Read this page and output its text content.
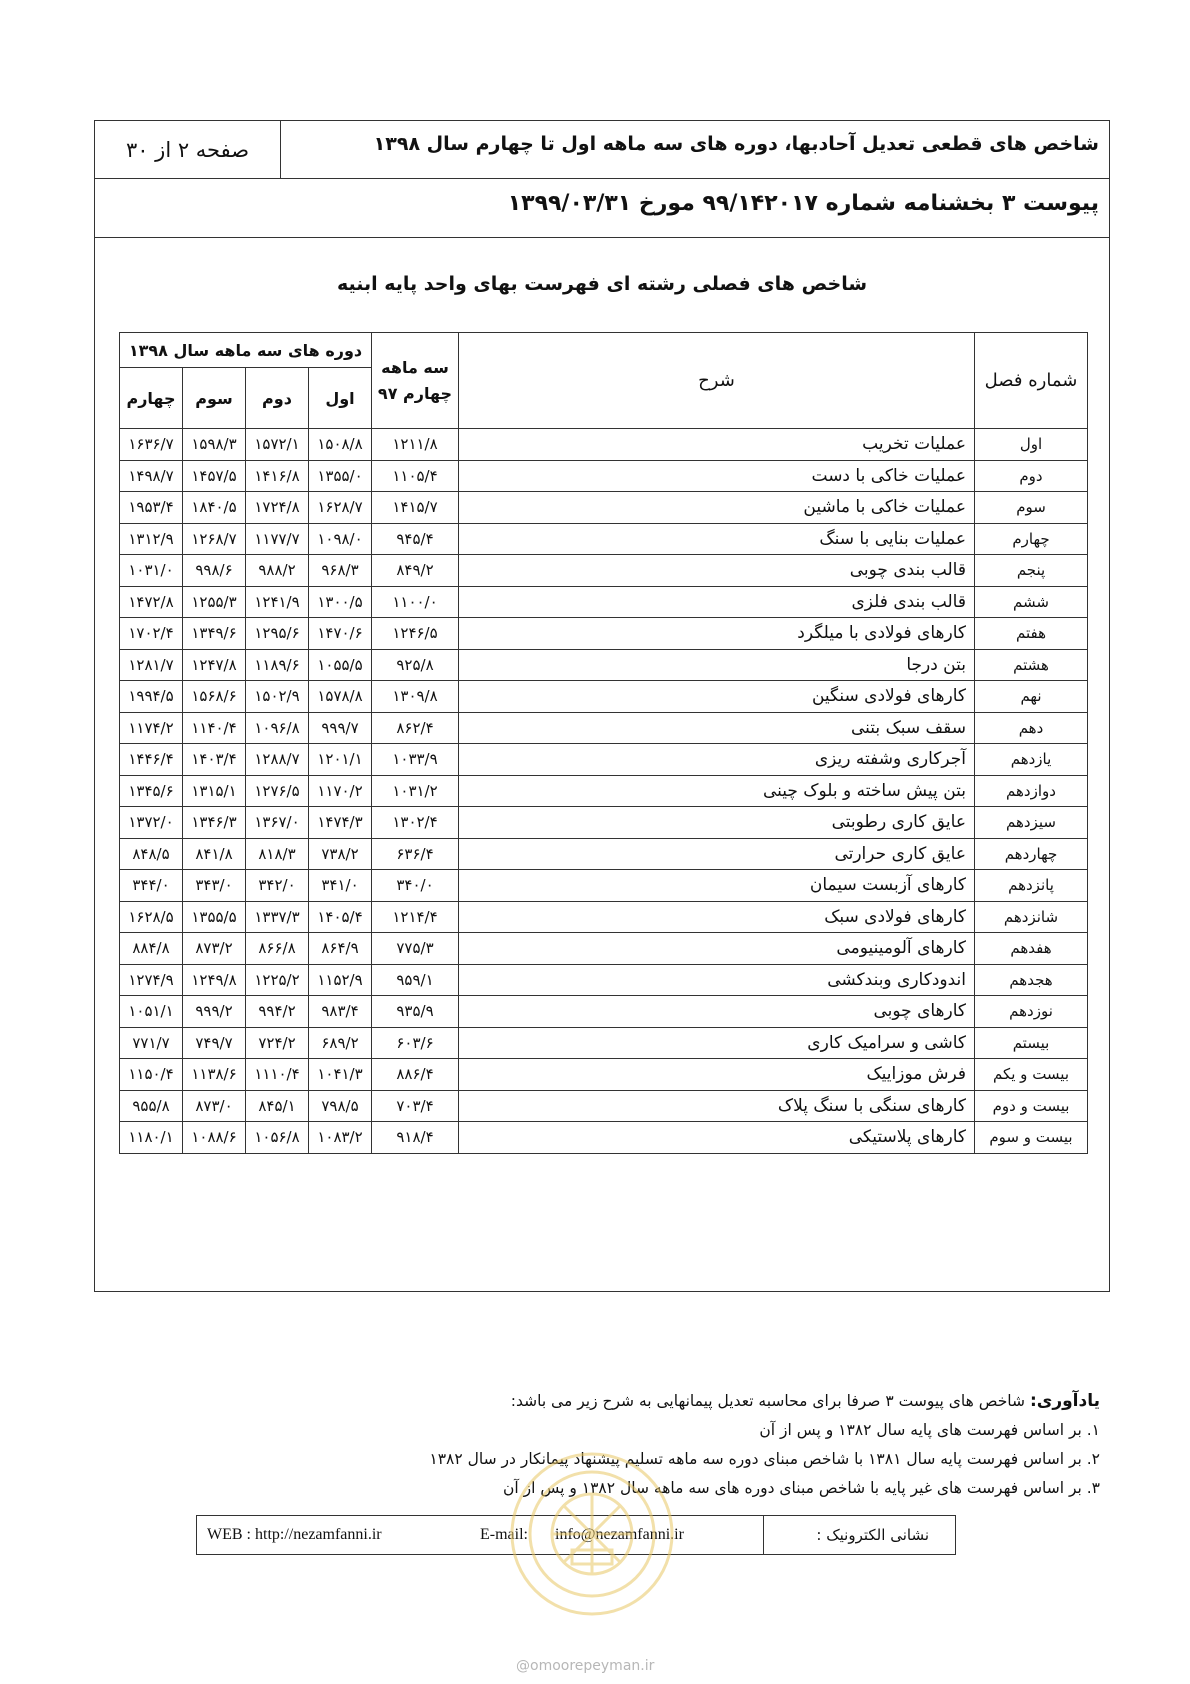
شاخص های قطعی تعدیل آحادبها، دوره های سه ماهه اول تا چهارم سال ۱۳۹۸
صفحه ۲ از ۳۰
پیوست ۳ بخشنامه شماره ۹۹/۱۴۲۰۱۷ مورخ ۱۳۹۹/۰۳/۳۱
شاخص های فصلی رشته ای فهرست بهای واحد پایه ابنیه
شماره فصل	شرح	سه ماهه چهارم ۹۷	دوره های سه ماهه سال ۱۳۹۸			
			اول	دوم	سوم	چهارم
اول	عملیات تخریب	۱۲۱۱/۸	۱۵۰۸/۸	۱۵۷۲/۱	۱۵۹۸/۳	۱۶۳۶/۷
دوم	عملیات خاکی با دست	۱۱۰۵/۴	۱۳۵۵/۰	۱۴۱۶/۸	۱۴۵۷/۵	۱۴۹۸/۷
سوم	عملیات خاکی با ماشین	۱۴۱۵/۷	۱۶۲۸/۷	۱۷۲۴/۸	۱۸۴۰/۵	۱۹۵۳/۴
چهارم	عملیات بنایی با سنگ	۹۴۵/۴	۱۰۹۸/۰	۱۱۷۷/۷	۱۲۶۸/۷	۱۳۱۲/۹
پنجم	قالب بندی چوبی	۸۴۹/۲	۹۶۸/۳	۹۸۸/۲	۹۹۸/۶	۱۰۳۱/۰
ششم	قالب بندی فلزی	۱۱۰۰/۰	۱۳۰۰/۵	۱۲۴۱/۹	۱۲۵۵/۳	۱۴۷۲/۸
هفتم	کارهای فولادی با میلگرد	۱۲۴۶/۵	۱۴۷۰/۶	۱۲۹۵/۶	۱۳۴۹/۶	۱۷۰۲/۴
هشتم	بتن درجا	۹۲۵/۸	۱۰۵۵/۵	۱۱۸۹/۶	۱۲۴۷/۸	۱۲۸۱/۷
نهم	کارهای فولادی سنگین	۱۳۰۹/۸	۱۵۷۸/۸	۱۵۰۲/۹	۱۵۶۸/۶	۱۹۹۴/۵
دهم	سقف سبک بتنی	۸۶۲/۴	۹۹۹/۷	۱۰۹۶/۸	۱۱۴۰/۴	۱۱۷۴/۲
یازدهم	آجرکاری وشفته ریزی	۱۰۳۳/۹	۱۲۰۱/۱	۱۲۸۸/۷	۱۴۰۳/۴	۱۴۴۶/۴
دوازدهم	بتن پیش ساخته و بلوک چینی	۱۰۳۱/۲	۱۱۷۰/۲	۱۲۷۶/۵	۱۳۱۵/۱	۱۳۴۵/۶
سیزدهم	عایق کاری رطوبتی	۱۳۰۲/۴	۱۴۷۴/۳	۱۳۶۷/۰	۱۳۴۶/۳	۱۳۷۲/۰
چهاردهم	عایق کاری حرارتی	۶۳۶/۴	۷۳۸/۲	۸۱۸/۳	۸۴۱/۸	۸۴۸/۵
پانزدهم	کارهای آزبست سیمان	۳۴۰/۰	۳۴۱/۰	۳۴۲/۰	۳۴۳/۰	۳۴۴/۰
شانزدهم	کارهای فولادی سبک	۱۲۱۴/۴	۱۴۰۵/۴	۱۳۳۷/۳	۱۳۵۵/۵	۱۶۲۸/۵
هفدهم	کارهای آلومینیومی	۷۷۵/۳	۸۶۴/۹	۸۶۶/۸	۸۷۳/۲	۸۸۴/۸
هجدهم	اندودکاری وبندکشی	۹۵۹/۱	۱۱۵۲/۹	۱۲۲۵/۲	۱۲۴۹/۸	۱۲۷۴/۹
نوزدهم	کارهای چوبی	۹۳۵/۹	۹۸۳/۴	۹۹۴/۲	۹۹۹/۲	۱۰۵۱/۱
بیستم	کاشی و سرامیک کاری	۶۰۳/۶	۶۸۹/۲	۷۲۴/۲	۷۴۹/۷	۷۷۱/۷
بیست و یکم	فرش موزاییک	۸۸۶/۴	۱۰۴۱/۳	۱۱۱۰/۴	۱۱۳۸/۶	۱۱۵۰/۴
بیست و دوم	کارهای سنگی با سنگ پلاک	۷۰۳/۴	۷۹۸/۵	۸۴۵/۱	۸۷۳/۰	۹۵۵/۸
بیست و سوم	کارهای پلاستیکی	۹۱۸/۴	۱۰۸۳/۲	۱۰۵۶/۸	۱۰۸۸/۶	۱۱۸۰/۱
یادآوری: شاخص های پیوست ۳ صرفا برای محاسبه تعدیل پیمانهایی به شرح زیر می باشد:
۱. بر اساس فهرست های پایه سال ۱۳۸۲ و پس از آن
۲. بر اساس فهرست پایه سال ۱۳۸۱ با شاخص مبنای دوره سه ماهه تسلیم پیشنهاد پیمانکار در سال ۱۳۸۲
۳. بر اساس فهرست های غیر پایه با شاخص مبنای دوره های سه ماهه سال ۱۳۸۲ و پس از آن
نشانی الکترونیک :
E-mail: info@nezamfanni.ir
WEB : http://nezamfanni.ir
@omoorepeyman.ir
